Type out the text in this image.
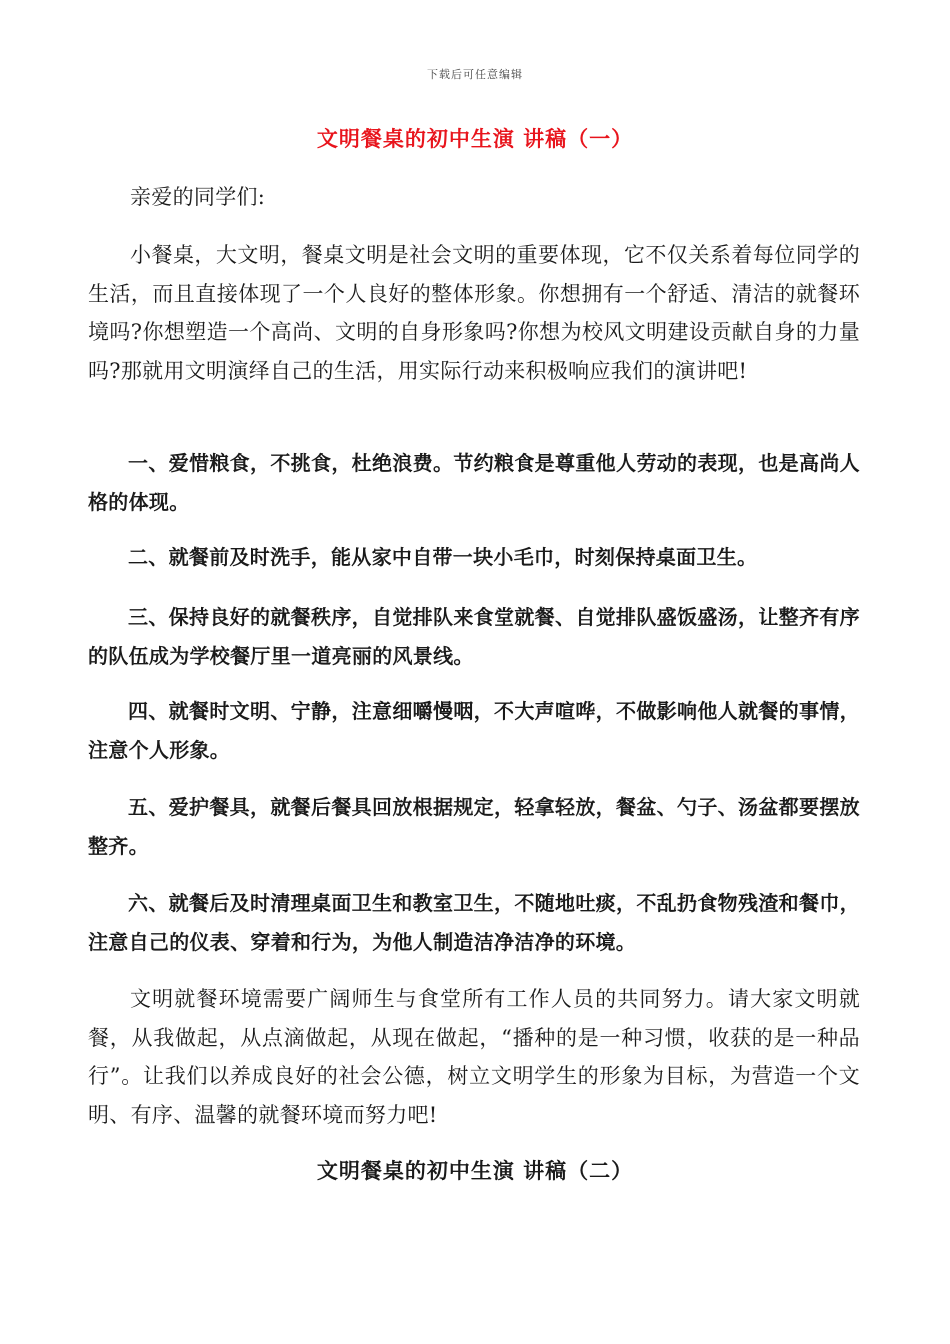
下载后可任意编辑
文明餐桌的初中生演 讲稿（一）

亲爱的同学们:

小餐桌，大文明，餐桌文明是社会文明的重要体现，它不仅关系着每位同学的生活，而且直接体现了一个人良好的整体形象。你想拥有一个舒适、清洁的就餐环境吗?你想塑造一个高尚、文明的自身形象吗?你想为校风文明建设贡献自身的力量吗?那就用文明演绎自己的生活，用实际行动来积极响应我们的演讲吧!

一、爱惜粮食，不挑食，杜绝浪费。节约粮食是尊重他人劳动的表现，也是高尚人格的体现。

二、就餐前及时洗手，能从家中自带一块小毛巾，时刻保持桌面卫生。

三、保持良好的就餐秩序，自觉排队来食堂就餐、自觉排队盛饭盛汤，让整齐有序的队伍成为学校餐厅里一道亮丽的风景线。

四、就餐时文明、宁静，注意细嚼慢咽，不大声喧哗，不做影响他人就餐的事情，注意个人形象。

五、爱护餐具，就餐后餐具回放根据规定，轻拿轻放，餐盆、勺子、汤盆都要摆放整齐。

六、就餐后及时清理桌面卫生和教室卫生，不随地吐痰，不乱扔食物残渣和餐巾，注意自己的仪表、穿着和行为，为他人制造洁净洁净的环境。

文明就餐环境需要广阔师生与食堂所有工作人员的共同努力。请大家文明就餐，从我做起，从点滴做起，从现在做起，“播种的是一种习惯，收获的是一种品行”。让我们以养成良好的社会公德，树立文明学生的形象为目标，为营造一个文明、有序、温馨的就餐环境而努力吧!

文明餐桌的初中生演 讲稿（二）
